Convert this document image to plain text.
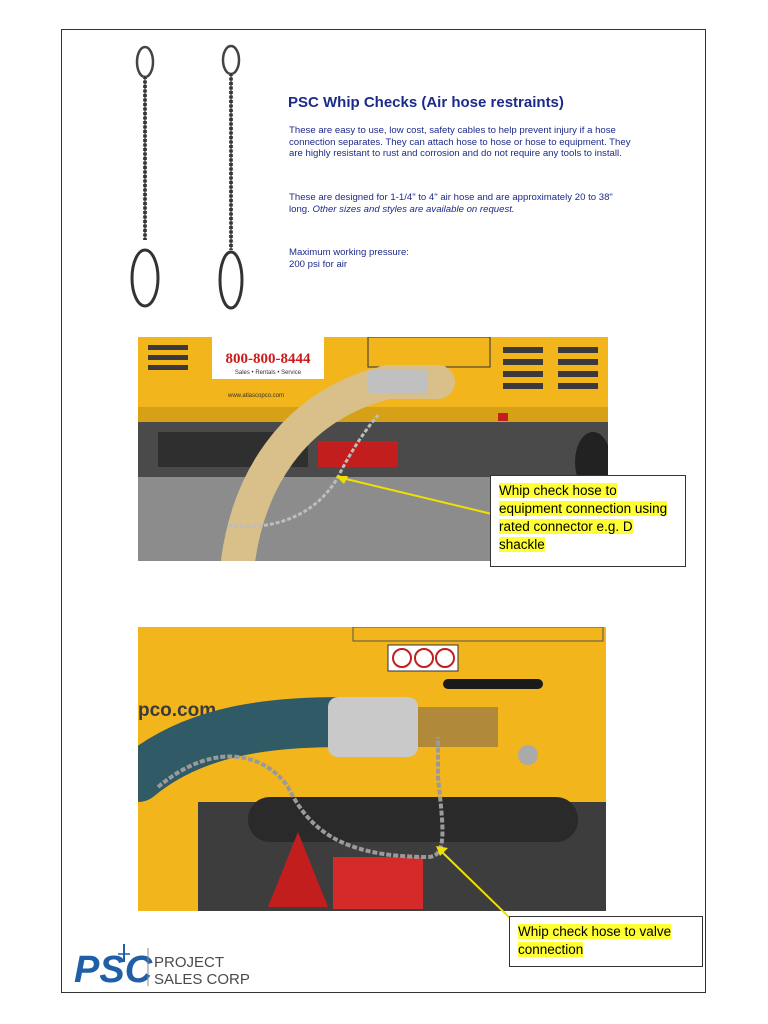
PSC Whip Checks (Air hose restraints)

These are easy to use, low cost, safety cables to help prevent injury if a hose connection separates. They can attach hose to hose or hose to equipment. They are highly resistant to rust and corrosion and do not require any tools to install.

These are designed for 1-1/4" to 4" air hose and are approximately 20 to 38" long. Other sizes and styles are available on request.

Maximum working pressure:

200 psi for air

800-800-8444
Sales • Rentals • Service
www.atlascopco.com
Whip check hose to equipment connection using rated connector e.g. D shackle
pco.com
Whip check hose to valve connection
PSC PROJECT
SALES CORP
